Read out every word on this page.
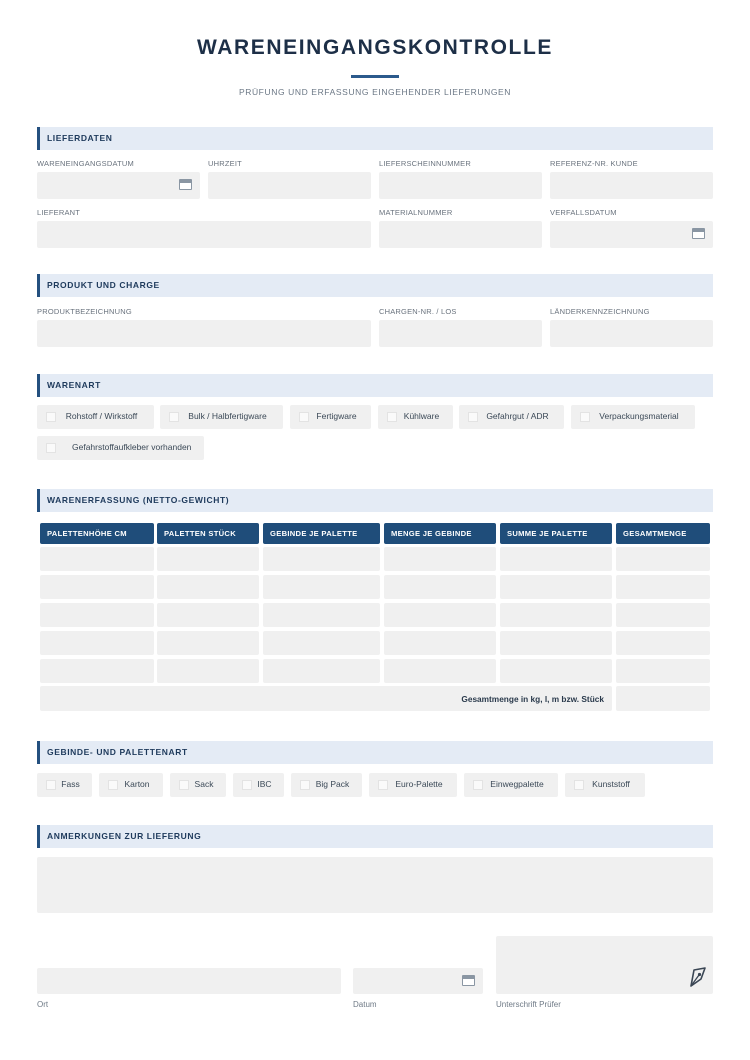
WARENEINGANGSKONTROLLE
PRÜFUNG UND ERFASSUNG EINGEHENDER LIEFERUNGEN
LIEFERDATEN
WARENEINGANGSDATUM	UHRZEIT	LIEFERSCHEINNUMMER	REFERENZ-NR. KUNDE
LIEFERANT	MATERIALNUMMER	VERFALLSDATUM
PRODUKT UND CHARGE
PRODUKTBEZEICHNUNG	CHARGEN-NR. / LOS	LÄNDERKENNZEICHNUNG
WARENART
Rohstoff / Wirkstoff	Bulk / Halbfertigware	Fertigware	Kühlware	Gefahrgut / ADR	Verpackungsmaterial
Gefahrstoffaufkleber vorhanden
WARENERFASSUNG (NETTO-GEWICHT)
PALETTENHÖHE CM	PALETTEN STÜCK	GEBINDE JE PALETTE	MENGE JE GEBINDE	SUMME JE PALETTE	GESAMTMENGE
Gesamtmenge in kg, l, m bzw. Stück
GEBINDE- UND PALETTENART
Fass	Karton	Sack	IBC	Big Pack	Euro-Palette	Einwegpalette	Kunststoff
ANMERKUNGEN ZUR LIEFERUNG
Ort	Datum	Unterschrift Prüfer
